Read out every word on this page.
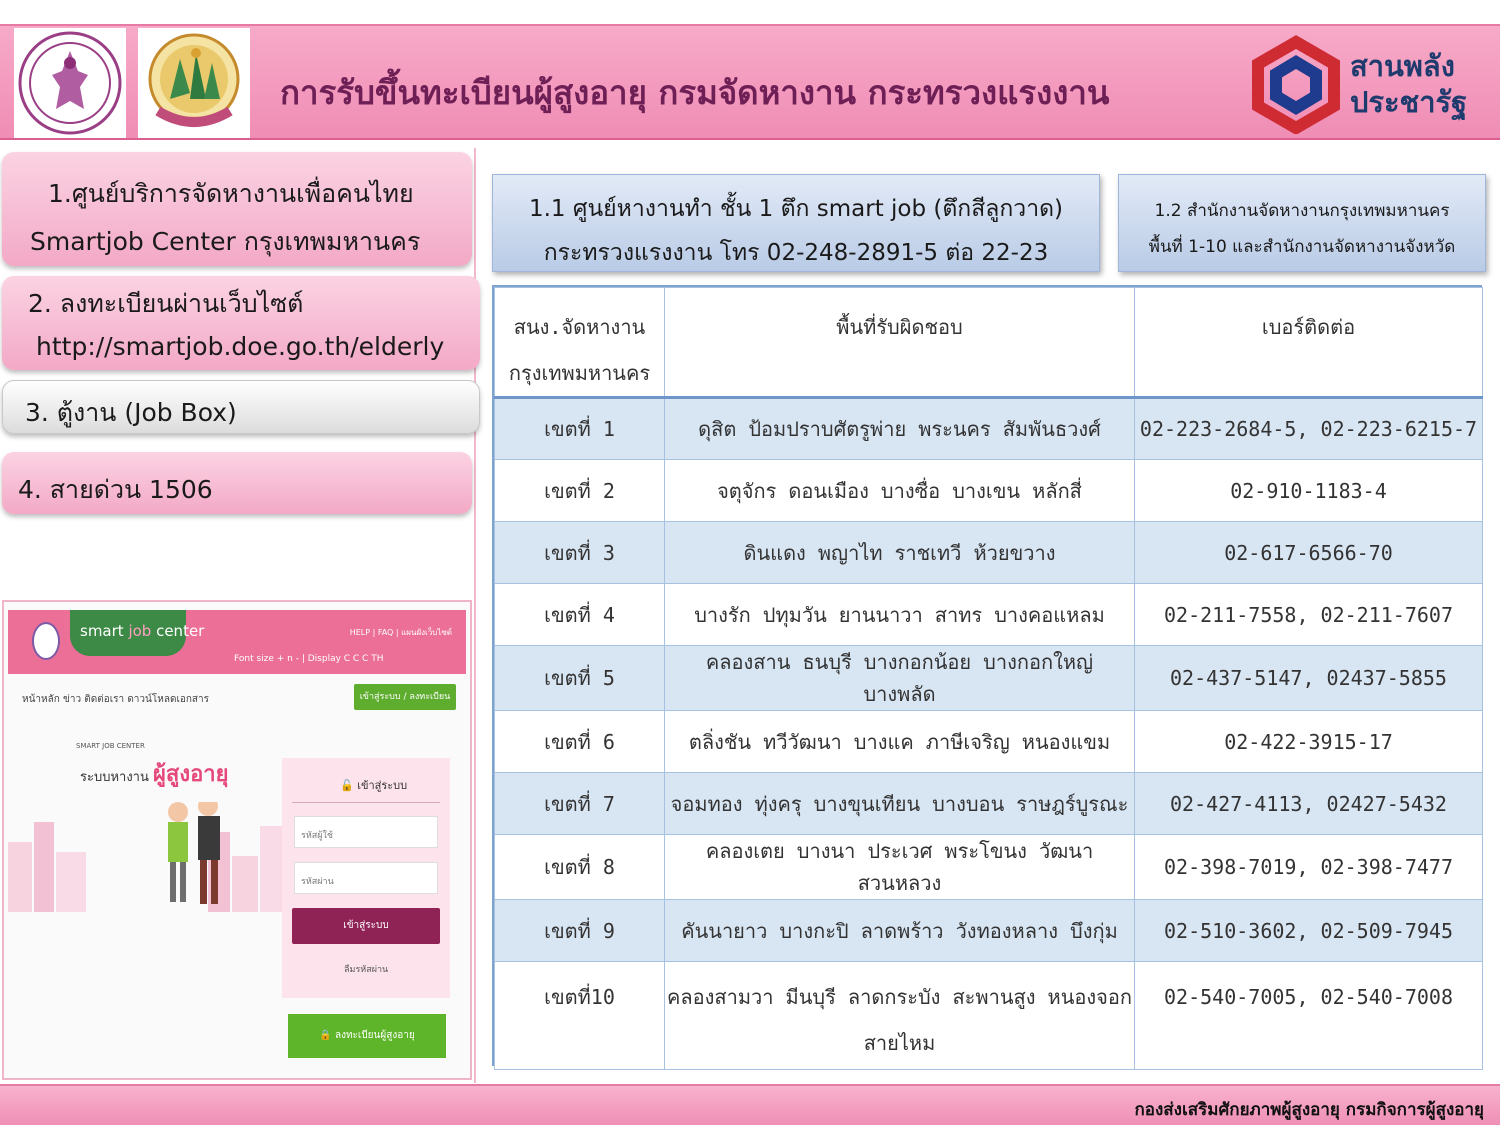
การรับขึ้นทะเบียนผู้สูงอายุ กรมจัดหางาน กระทรวงแรงงาน
สานพลัง
ประชารัฐ
1.ศูนย์บริการจัดหางานเพื่อคนไทย
Smartjob Center กรุงเทพมหานคร
2. ลงทะเบียนผ่านเว็บไซต์
http://smartjob.doe.go.th/elderly
3. ตู้งาน (Job Box)
4. สายด่วน 1506
smart job center	HELP | FAQ | แผนผังเว็บไซต์
Font size + n - | Display C C C TH
หน้าหลัก ข่าว ติดต่อเรา ดาวน์โหลดเอกสาร	เข้าสู่ระบบ / ลงทะเบียน
SMART JOB CENTER
ระบบหางาน ผู้สูงอายุ	🔓 เข้าสู่ระบบ
รหัสผู้ใช้
รหัสผ่าน
เข้าสู่ระบบ
ลืมรหัสผ่าน
🔒 ลงทะเบียนผู้สูงอายุ
1.1 ศูนย์หางานทำ ชั้น 1 ตึก smart job (ตึกสีลูกวาด)
กระทรวงแรงงาน โทร 02-248-2891-5 ต่อ 22-23
1.2 สำนักงานจัดหางานกรุงเทพมหานคร
พื้นที่ 1-10 และสำนักงานจัดหางานจังหวัด
สนง.จัดหางาน กรุงเทพมหานคร	พื้นที่รับผิดชอบ	เบอร์ติดต่อ
เขตที่ 1	ดุสิต ป้อมปราบศัตรูพ่าย พระนคร สัมพันธวงศ์	02-223-2684-5, 02-223-6215-7
เขตที่ 2	จตุจักร ดอนเมือง บางซื่อ บางเขน หลักสี่	02-910-1183-4
เขตที่ 3	ดินแดง พญาไท ราชเทวี ห้วยขวาง	02-617-6566-70
เขตที่ 4	บางรัก ปทุมวัน ยานนาวา สาทร บางคอแหลม	02-211-7558, 02-211-7607
เขตที่ 5	คลองสาน ธนบุรี บางกอกน้อย บางกอกใหญ่ บางพลัด	02-437-5147, 02437-5855
เขตที่ 6	ตลิ่งชัน ทวีวัฒนา บางแค ภาษีเจริญ หนองแขม	02-422-3915-17
เขตที่ 7	จอมทอง ทุ่งครุ บางขุนเทียน บางบอน ราษฎร์บูรณะ	02-427-4113, 02427-5432
เขตที่ 8	คลองเตย บางนา ประเวศ พระโขนง วัฒนา สวนหลวง	02-398-7019, 02-398-7477
เขตที่ 9	คันนายาว บางกะปิ ลาดพร้าว วังทองหลาง บึงกุ่ม	02-510-3602, 02-509-7945
เขตที่10	คลองสามวา มีนบุรี ลาดกระบัง สะพานสูง หนองจอก สายไหม	02-540-7005, 02-540-7008
กองส่งเสริมศักยภาพผู้สูงอายุ กรมกิจการผู้สูงอายุ
